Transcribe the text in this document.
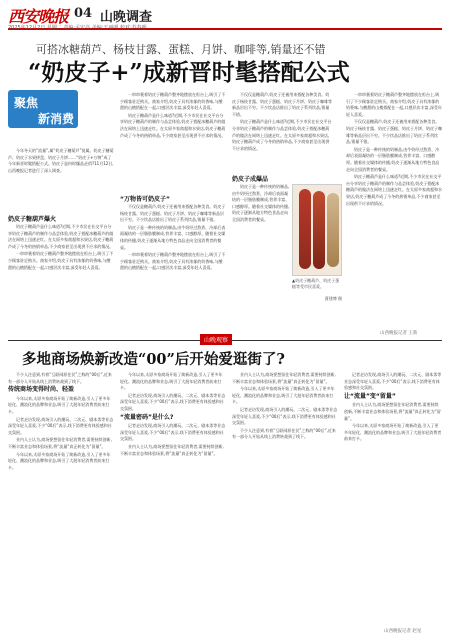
西安晚报 04 山晚调查
2025年12月2日 星期二 责编:孟宏亮 美编:王丽明 校对:苏春明
可搭冰糖葫芦、杨枝甘露、蛋糕、月饼、咖啡等,销量还不错
“奶皮子+”成新晋时髦搭配公式
聚焦
新消费

今年冬天的“流量”,属“奶皮子糖葫芦”莫属。奶皮子糖葫芦、奶皮子水果拼盘、奶皮子月饼……“奶皮子+万物”成了今年新晋时髦搭配公式。奶皮子是何时爆品走俏?11月12日,山西晚报记者进行了深入调查。

奶皮子糖葫芦爆火

奶皮子糖葫芦是什么味道?近期,不少市民在社交平台分享奶皮子糖葫芦的制作与品尝体验,奶皮子搭配冰糖葫芦的做法在网络上迅速走红。在太原多家商超和水果店,奶皮子糖葫芦成了今冬的热销单品,不少商家甚至出现供不应求的情况。

一串串裹着奶皮子糖葫芦整齐地摆放在柜台上,吸引了不少顾客驻足购买。商家介绍,奶皮子具有浓郁的奶香味,与酸甜的山楂搭配在一起,口感层次丰富,深受年轻人喜爱。

一串串裹着奶皮子糖葫芦整齐地摆放在柜台上,吸引了不少顾客驻足购买。商家介绍,奶皮子具有浓郁的奶香味,与酸甜的山楂搭配在一起,口感层次丰富,深受年轻人喜爱。

奶皮子糖葫芦是什么味道?近期,不少市民在社交平台分享奶皮子糖葫芦的制作与品尝体验,奶皮子搭配冰糖葫芦的做法在网络上迅速走红。在太原多家商超和水果店,奶皮子糖葫芦成了今冬的热销单品,不少商家甚至出现供不应求的情况。

“万物皆可奶皮子”

不仅仅是糖葫芦,奶皮子还被用来搭配各种美食。奶皮子杨枝甘露、奶皮子蛋糕、奶皮子月饼、奶皮子咖啡等新品层出不穷。不少饮品店推出了奶皮子系列饮品,销量不错。

奶皮子是一种传统的奶制品,由牛奶经过熬煮、冷却后表面凝结的一层脂肪膜制成,营养丰富、口感醇厚。随着社交媒体的传播,奶皮子逐渐从地方特色食品走向全国消费者的餐桌。

一串串裹着奶皮子糖葫芦整齐地摆放在柜台上,吸引了不少顾客驻足购买。商家介绍,奶皮子具有浓郁的奶香味,与酸甜的山楂搭配在一起,口感层次丰富,深受年轻人喜爱。

不仅仅是糖葫芦,奶皮子还被用来搭配各种美食。奶皮子杨枝甘露、奶皮子蛋糕、奶皮子月饼、奶皮子咖啡等新品层出不穷。不少饮品店推出了奶皮子系列饮品,销量不错。

奶皮子糖葫芦是什么味道?近期,不少市民在社交平台分享奶皮子糖葫芦的制作与品尝体验,奶皮子搭配冰糖葫芦的做法在网络上迅速走红。在太原多家商超和水果店,奶皮子糖葫芦成了今冬的热销单品,不少商家甚至出现供不应求的情况。

奶皮子成爆品

奶皮子是一种传统的奶制品,由牛奶经过熬煮、冷却后表面凝结的一层脂肪膜制成,营养丰富、口感醇厚。随着社交媒体的传播,奶皮子逐渐从地方特色食品走向全国消费者的餐桌。

▲奶皮子糖葫芦、奶皮子蛋糕等受市民喜爱。
曹建博 摄

一串串裹着奶皮子糖葫芦整齐地摆放在柜台上,吸引了不少顾客驻足购买。商家介绍,奶皮子具有浓郁的奶香味,与酸甜的山楂搭配在一起,口感层次丰富,深受年轻人喜爱。

不仅仅是糖葫芦,奶皮子还被用来搭配各种美食。奶皮子杨枝甘露、奶皮子蛋糕、奶皮子月饼、奶皮子咖啡等新品层出不穷。不少饮品店推出了奶皮子系列饮品,销量不错。

奶皮子是一种传统的奶制品,由牛奶经过熬煮、冷却后表面凝结的一层脂肪膜制成,营养丰富、口感醇厚。随着社交媒体的传播,奶皮子逐渐从地方特色食品走向全国消费者的餐桌。

奶皮子糖葫芦是什么味道?近期,不少市民在社交平台分享奶皮子糖葫芦的制作与品尝体验,奶皮子搭配冰糖葫芦的做法在网络上迅速走红。在太原多家商超和水果店,奶皮子糖葫芦成了今冬的热销单品,不少商家甚至出现供不应求的情况。

山西晚报记者 王新
山晚观察
多地商场焕新改造“00”后开始爱逛街了?

不少人注意到,有着“互联网原住民”之称的“00后”,近来有一部分人开始从线上消费转战到了线下。

传统商场变得时尚、轻盈

今年以来,太原多家商场开始了焕新改造,引入了更多年轻化、潮流化的品牌和业态,吸引了大批年轻消费者前来打卡。

记者走访发现,商场引入的潮玩、二次元、剧本杀等业态深受年轻人喜爱,不少“00后”表示,线下消费更有体验感和社交氛围。

业内人士认为,商场要想留住年轻消费者,需要持续创新,不断丰富业态和体验场景,将“流量”真正转化为“留量”。

今年以来,太原多家商场开始了焕新改造,引入了更多年轻化、潮流化的品牌和业态,吸引了大批年轻消费者前来打卡。

今年以来,太原多家商场开始了焕新改造,引入了更多年轻化、潮流化的品牌和业态,吸引了大批年轻消费者前来打卡。

记者走访发现,商场引入的潮玩、二次元、剧本杀等业态深受年轻人喜爱,不少“00后”表示,线下消费更有体验感和社交氛围。

“流量密码”是什么?

记者走访发现,商场引入的潮玩、二次元、剧本杀等业态深受年轻人喜爱,不少“00后”表示,线下消费更有体验感和社交氛围。

业内人士认为,商场要想留住年轻消费者,需要持续创新,不断丰富业态和体验场景,将“流量”真正转化为“留量”。

业内人士认为,商场要想留住年轻消费者,需要持续创新,不断丰富业态和体验场景,将“流量”真正转化为“留量”。

今年以来,太原多家商场开始了焕新改造,引入了更多年轻化、潮流化的品牌和业态,吸引了大批年轻消费者前来打卡。

记者走访发现,商场引入的潮玩、二次元、剧本杀等业态深受年轻人喜爱,不少“00后”表示,线下消费更有体验感和社交氛围。

不少人注意到,有着“互联网原住民”之称的“00后”,近来有一部分人开始从线上消费转战到了线下。

记者走访发现,商场引入的潮玩、二次元、剧本杀等业态深受年轻人喜爱,不少“00后”表示,线下消费更有体验感和社交氛围。

让“流量”变“留量”

业内人士认为,商场要想留住年轻消费者,需要持续创新,不断丰富业态和体验场景,将“流量”真正转化为“留量”。

今年以来,太原多家商场开始了焕新改造,引入了更多年轻化、潮流化的品牌和业态,吸引了大批年轻消费者前来打卡。

山西晚报记者 赵星
